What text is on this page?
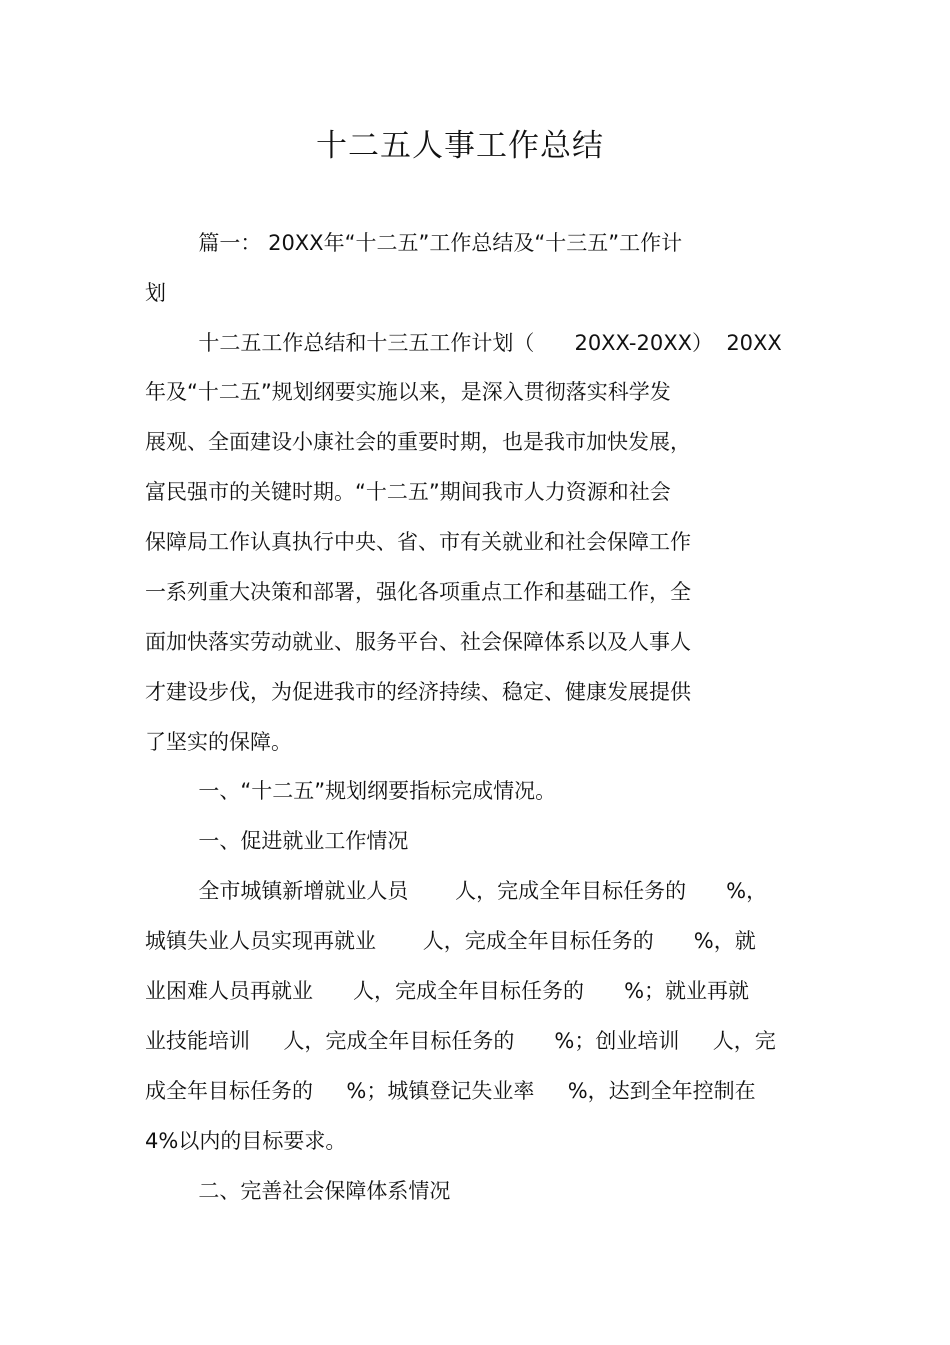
十二五人事工作总结
篇一： 20XX年“十二五”工作总结及“十三五”工作计
划
十二五工作总结和十三五工作计划（      20XX-20XX）  20XX
年及“十二五”规划纲要实施以来，是深入贯彻落实科学发
展观、全面建设小康社会的重要时期，也是我市加快发展，
富民强市的关键时期。“十二五”期间我市人力资源和社会
保障局工作认真执行中央、省、市有关就业和社会保障工作
一系列重大决策和部署，强化各项重点工作和基础工作，全
面加快落实劳动就业、服务平台、社会保障体系以及人事人
才建设步伐，为促进我市的经济持续、稳定、健康发展提供
了坚实的保障。
一、“十二五”规划纲要指标完成情况。
一、促进就业工作情况
全市城镇新增就业人员       人，完成全年目标任务的      %，
城镇失业人员实现再就业       人，完成全年目标任务的      %，就
业困难人员再就业      人，完成全年目标任务的      %；就业再就
业技能培训     人，完成全年目标任务的      %；创业培训     人，完
成全年目标任务的     %；城镇登记失业率     %，达到全年控制在
4%以内的目标要求。
二、完善社会保障体系情况
